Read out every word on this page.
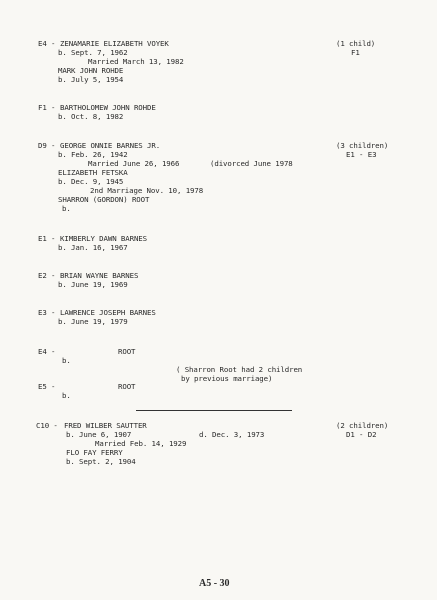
E4 - ZENAMARIE ELIZABETH VOYEK
b. Sept. 7, 1962
Married March 13, 1982
MARK JOHN ROHDE
b. July 5, 1954
(1 child)
F1
F1 - BARTHOLOMEW JOHN ROHDE
b. Oct. 8, 1982
D9 - GEORGE ONNIE BARNES JR.
b. Feb. 26, 1942
Married June 26, 1966	(divorced June 1978
ELIZABETH FETSKA
b. Dec. 9, 1945
2nd Marriage Nov. 10, 1978
SHARRON (GORDON) ROOT
b.
(3 children)
E1 - E3
E1 - KIMBERLY DAWN BARNES
b. Jan. 16, 1967
E2 - BRIAN WAYNE BARNES
b. June 19, 1969
E3 - LAWRENCE JOSEPH BARNES
b. June 19, 1979
E4 -	ROOT
b.
( Sharron Root had 2 children
by previous marriage)
E5 -	ROOT
b.
C10 - FRED WILBER SAUTTER
b. June 6, 1907	d. Dec. 3, 1973
Married Feb. 14, 1929
FLO FAY FERRY
b. Sept. 2, 1904
(2 children)
D1 - D2
A5 - 30
